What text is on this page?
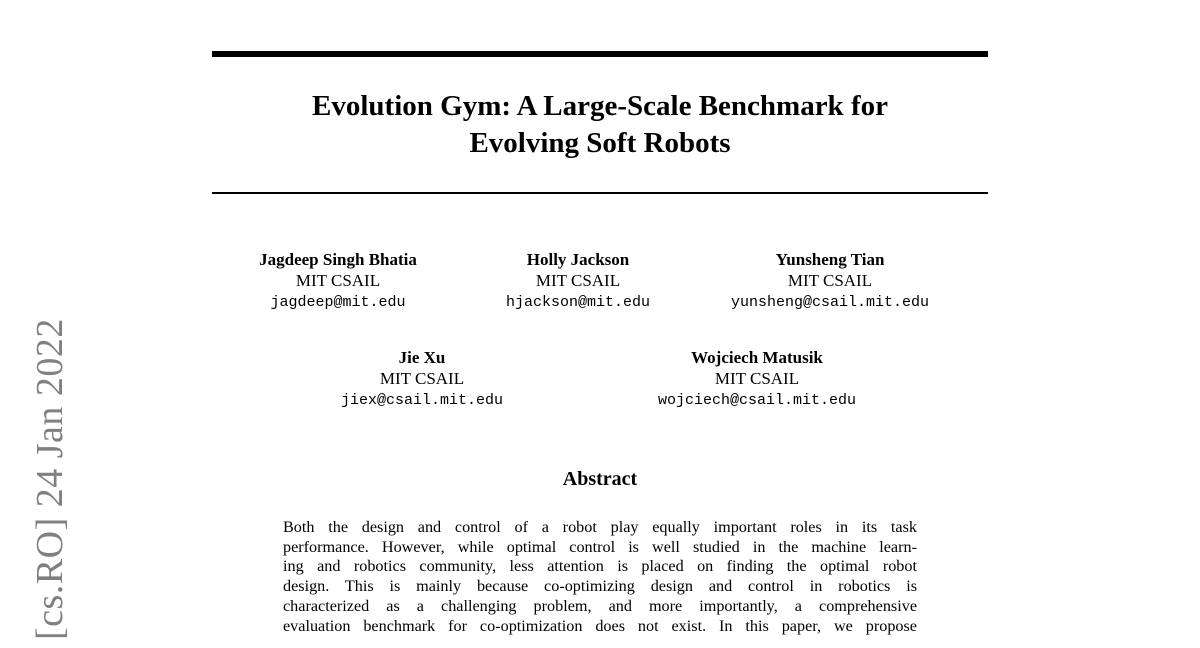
Evolution Gym: A Large-Scale Benchmark for
Evolving Soft Robots
Jagdeep Singh Bhatia
MIT CSAIL
jagdeep@mit.edu
Holly Jackson
MIT CSAIL
hjackson@mit.edu
Yunsheng Tian
MIT CSAIL
yunsheng@csail.mit.edu
Jie Xu
MIT CSAIL
jiex@csail.mit.edu
Wojciech Matusik
MIT CSAIL
wojciech@csail.mit.edu
Abstract
Both the design and control of a robot play equally important roles in its task
performance. However, while optimal control is well studied in the machine learn-
ing and robotics community, less attention is placed on finding the optimal robot
design. This is mainly because co-optimizing design and control in robotics is
characterized as a challenging problem, and more importantly, a comprehensive
evaluation benchmark for co-optimization does not exist. In this paper, we propose
[cs.RO] 24 Jan 2022
